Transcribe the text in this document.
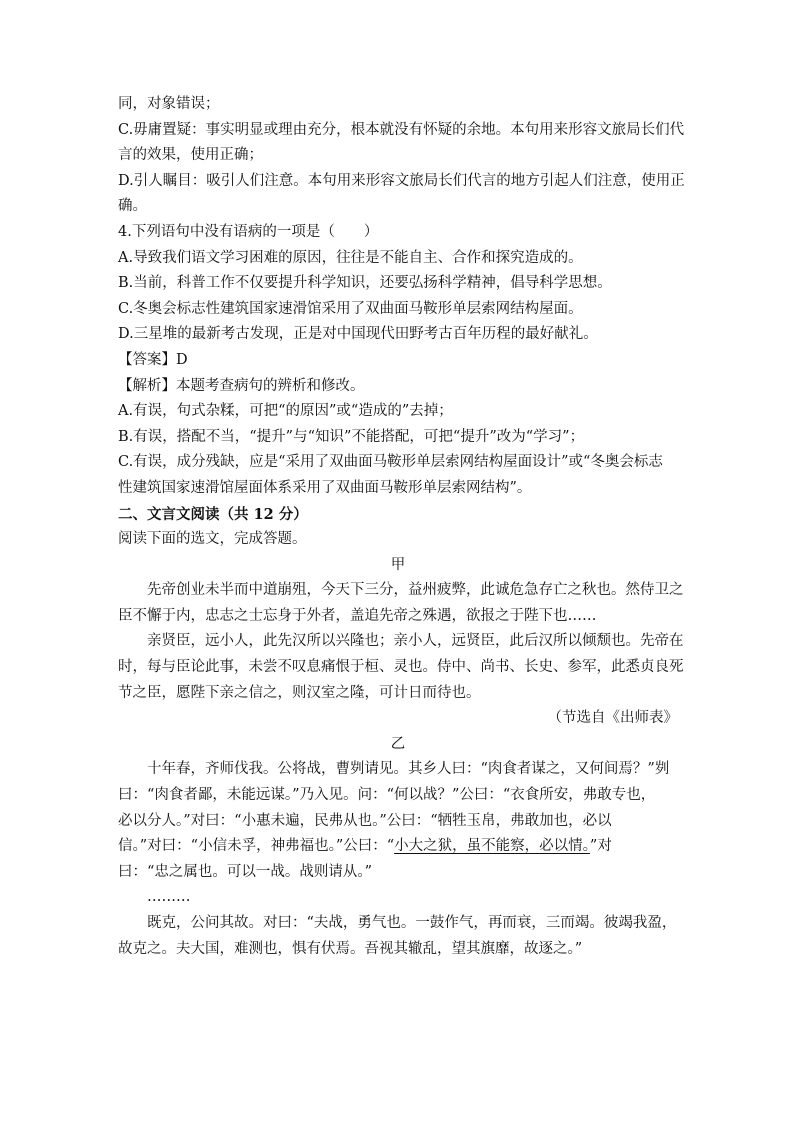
同，对象错误；
C.毋庸置疑：事实明显或理由充分，根本就没有怀疑的余地。本句用来形容文旅局长们代
言的效果，使用正确；
D.引人瞩目：吸引人们注意。本句用来形容文旅局长们代言的地方引起人们注意，使用正
确。
4.下列语句中没有语病的一项是（　　）
A.导致我们语文学习困难的原因，往往是不能自主、合作和探究造成的。
B.当前，科普工作不仅要提升科学知识，还要弘扬科学精神，倡导科学思想。
C.冬奥会标志性建筑国家速滑馆采用了双曲面马鞍形单层索网结构屋面。
D.三星堆的最新考古发现，正是对中国现代田野考古百年历程的最好献礼。
【答案】D
【解析】本题考查病句的辨析和修改。
A.有误，句式杂糅，可把“的原因”或“造成的”去掉；
B.有误，搭配不当，“提升”与“知识”不能搭配，可把“提升”改为“学习”；
C.有误，成分残缺，应是“采用了双曲面马鞍形单层索网结构屋面设计”或“冬奥会标志
性建筑国家速滑馆屋面体系采用了双曲面马鞍形单层索网结构”。
二、文言文阅读（共 12 分）
阅读下面的选文，完成答题。
甲
先帝创业未半而中道崩殂，今天下三分，益州疲弊，此诚危急存亡之秋也。然侍卫之
臣不懈于内，忠志之士忘身于外者，盖追先帝之殊遇，欲报之于陛下也……
亲贤臣，远小人，此先汉所以兴隆也；亲小人，远贤臣，此后汉所以倾颓也。先帝在
时，每与臣论此事，未尝不叹息痛恨于桓、灵也。侍中、尚书、长史、参军，此悉贞良死
节之臣，愿陛下亲之信之，则汉室之隆，可计日而待也。
（节选自《出师表》
乙
十年春，齐师伐我。公将战，曹刿请见。其乡人曰：“肉食者谋之，又何间焉？”刿
曰：“肉食者鄙，未能远谋。”乃入见。问：“何以战？”公曰：“衣食所安，弗敢专也，
必以分人。”对曰：“小惠未遍，民弗从也。”公曰：“牺牲玉帛，弗敢加也，必以
信。”对曰：“小信未孚，神弗福也。”公曰：“小大之狱，虽不能察，必以情。”对
曰：“忠之属也。可以一战。战则请从。”
………
既克，公问其故。对曰：“夫战，勇气也。一鼓作气，再而衰，三而竭。彼竭我盈，
故克之。夫大国，难测也，惧有伏焉。吾视其辙乱，望其旗靡，故逐之。”
